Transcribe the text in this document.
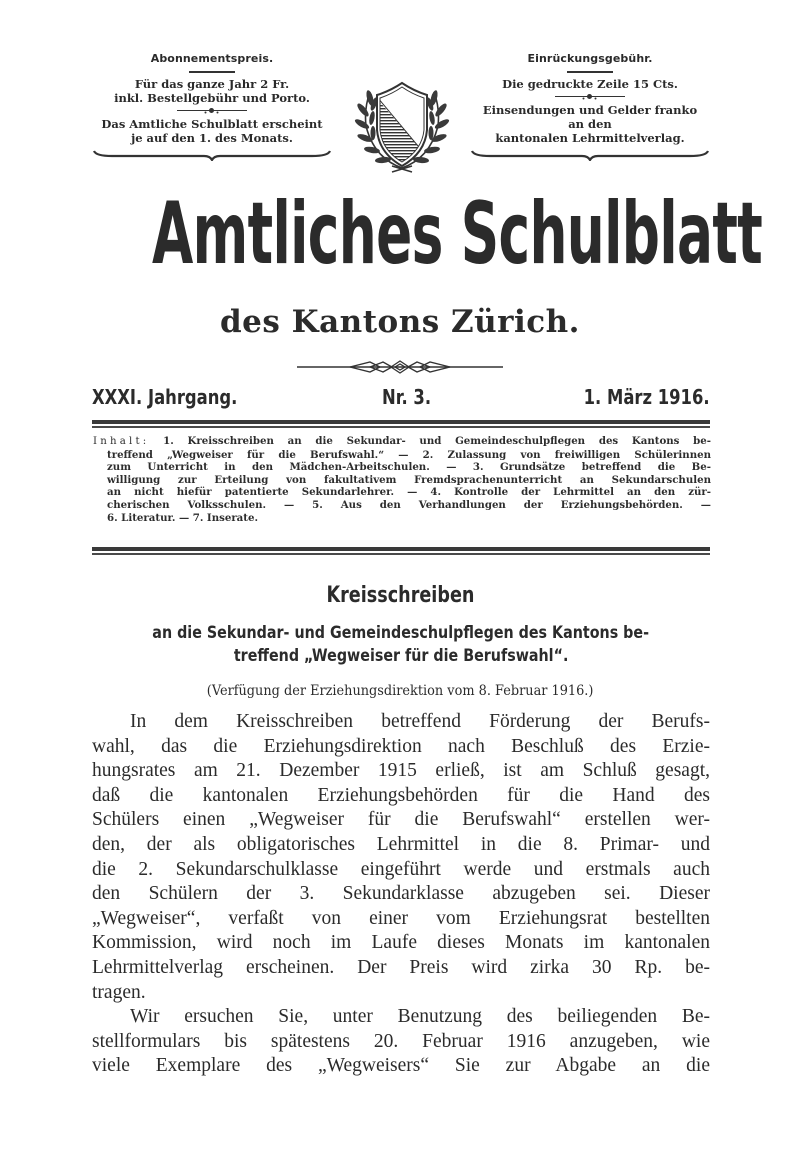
Abonnementspreis.
Für das ganze Jahr 2 Fr.
inkl. Bestellgebühr und Porto.
Das Amtliche Schulblatt erscheint
je auf den 1. des Monats.
Einrückungsgebühr.
Die gedruckte Zeile 15 Cts.
Einsendungen und Gelder franko
an den
kantonalen Lehrmittelverlag.
Amtliches Schulblatt
des Kantons Zürich.
XXXI. Jahrgang.	Nr. 3.	1. März 1916.
Inhalt: 1. Kreisschreiben an die Sekundar- und Gemeindeschulpflegen des Kantons be-
treffend „Wegweiser für die Berufswahl.“ — 2. Zulassung von freiwilligen Schülerinnen
zum Unterricht in den Mädchen-Arbeitschulen. — 3. Grundsätze betreffend die Be-
willigung zur Erteilung von fakultativem Fremdsprachenunterricht an Sekundarschulen
an nicht hiefür patentierte Sekundarlehrer. — 4. Kontrolle der Lehrmittel an den zür-
cherischen Volksschulen. — 5. Aus den Verhandlungen der Erziehungsbehörden. —
6. Literatur. — 7. Inserate.
Kreisschreiben
an die Sekundar- und Gemeindeschulpflegen des Kantons be-
treffend „Wegweiser für die Berufswahl“.
(Verfügung der Erziehungsdirektion vom 8. Februar 1916.)
In dem Kreisschreiben betreffend Förderung der Berufs-
wahl, das die Erziehungsdirektion nach Beschluß des Erzie-
hungsrates am 21. Dezember 1915 erließ, ist am Schluß gesagt,
daß die kantonalen Erziehungsbehörden für die Hand des
Schülers einen „Wegweiser für die Berufswahl“ erstellen wer-
den, der als obligatorisches Lehrmittel in die 8. Primar- und
die 2. Sekundarschulklasse eingeführt werde und erstmals auch
den Schülern der 3. Sekundarklasse abzugeben sei. Dieser
„Wegweiser“, verfaßt von einer vom Erziehungsrat bestellten
Kommission, wird noch im Laufe dieses Monats im kantonalen
Lehrmittelverlag erscheinen. Der Preis wird zirka 30 Rp. be-
tragen.
Wir ersuchen Sie, unter Benutzung des beiliegenden Be-
stellformulars bis spätestens 20. Februar 1916 anzugeben, wie
viele Exemplare des „Wegweisers“ Sie zur Abgabe an die
